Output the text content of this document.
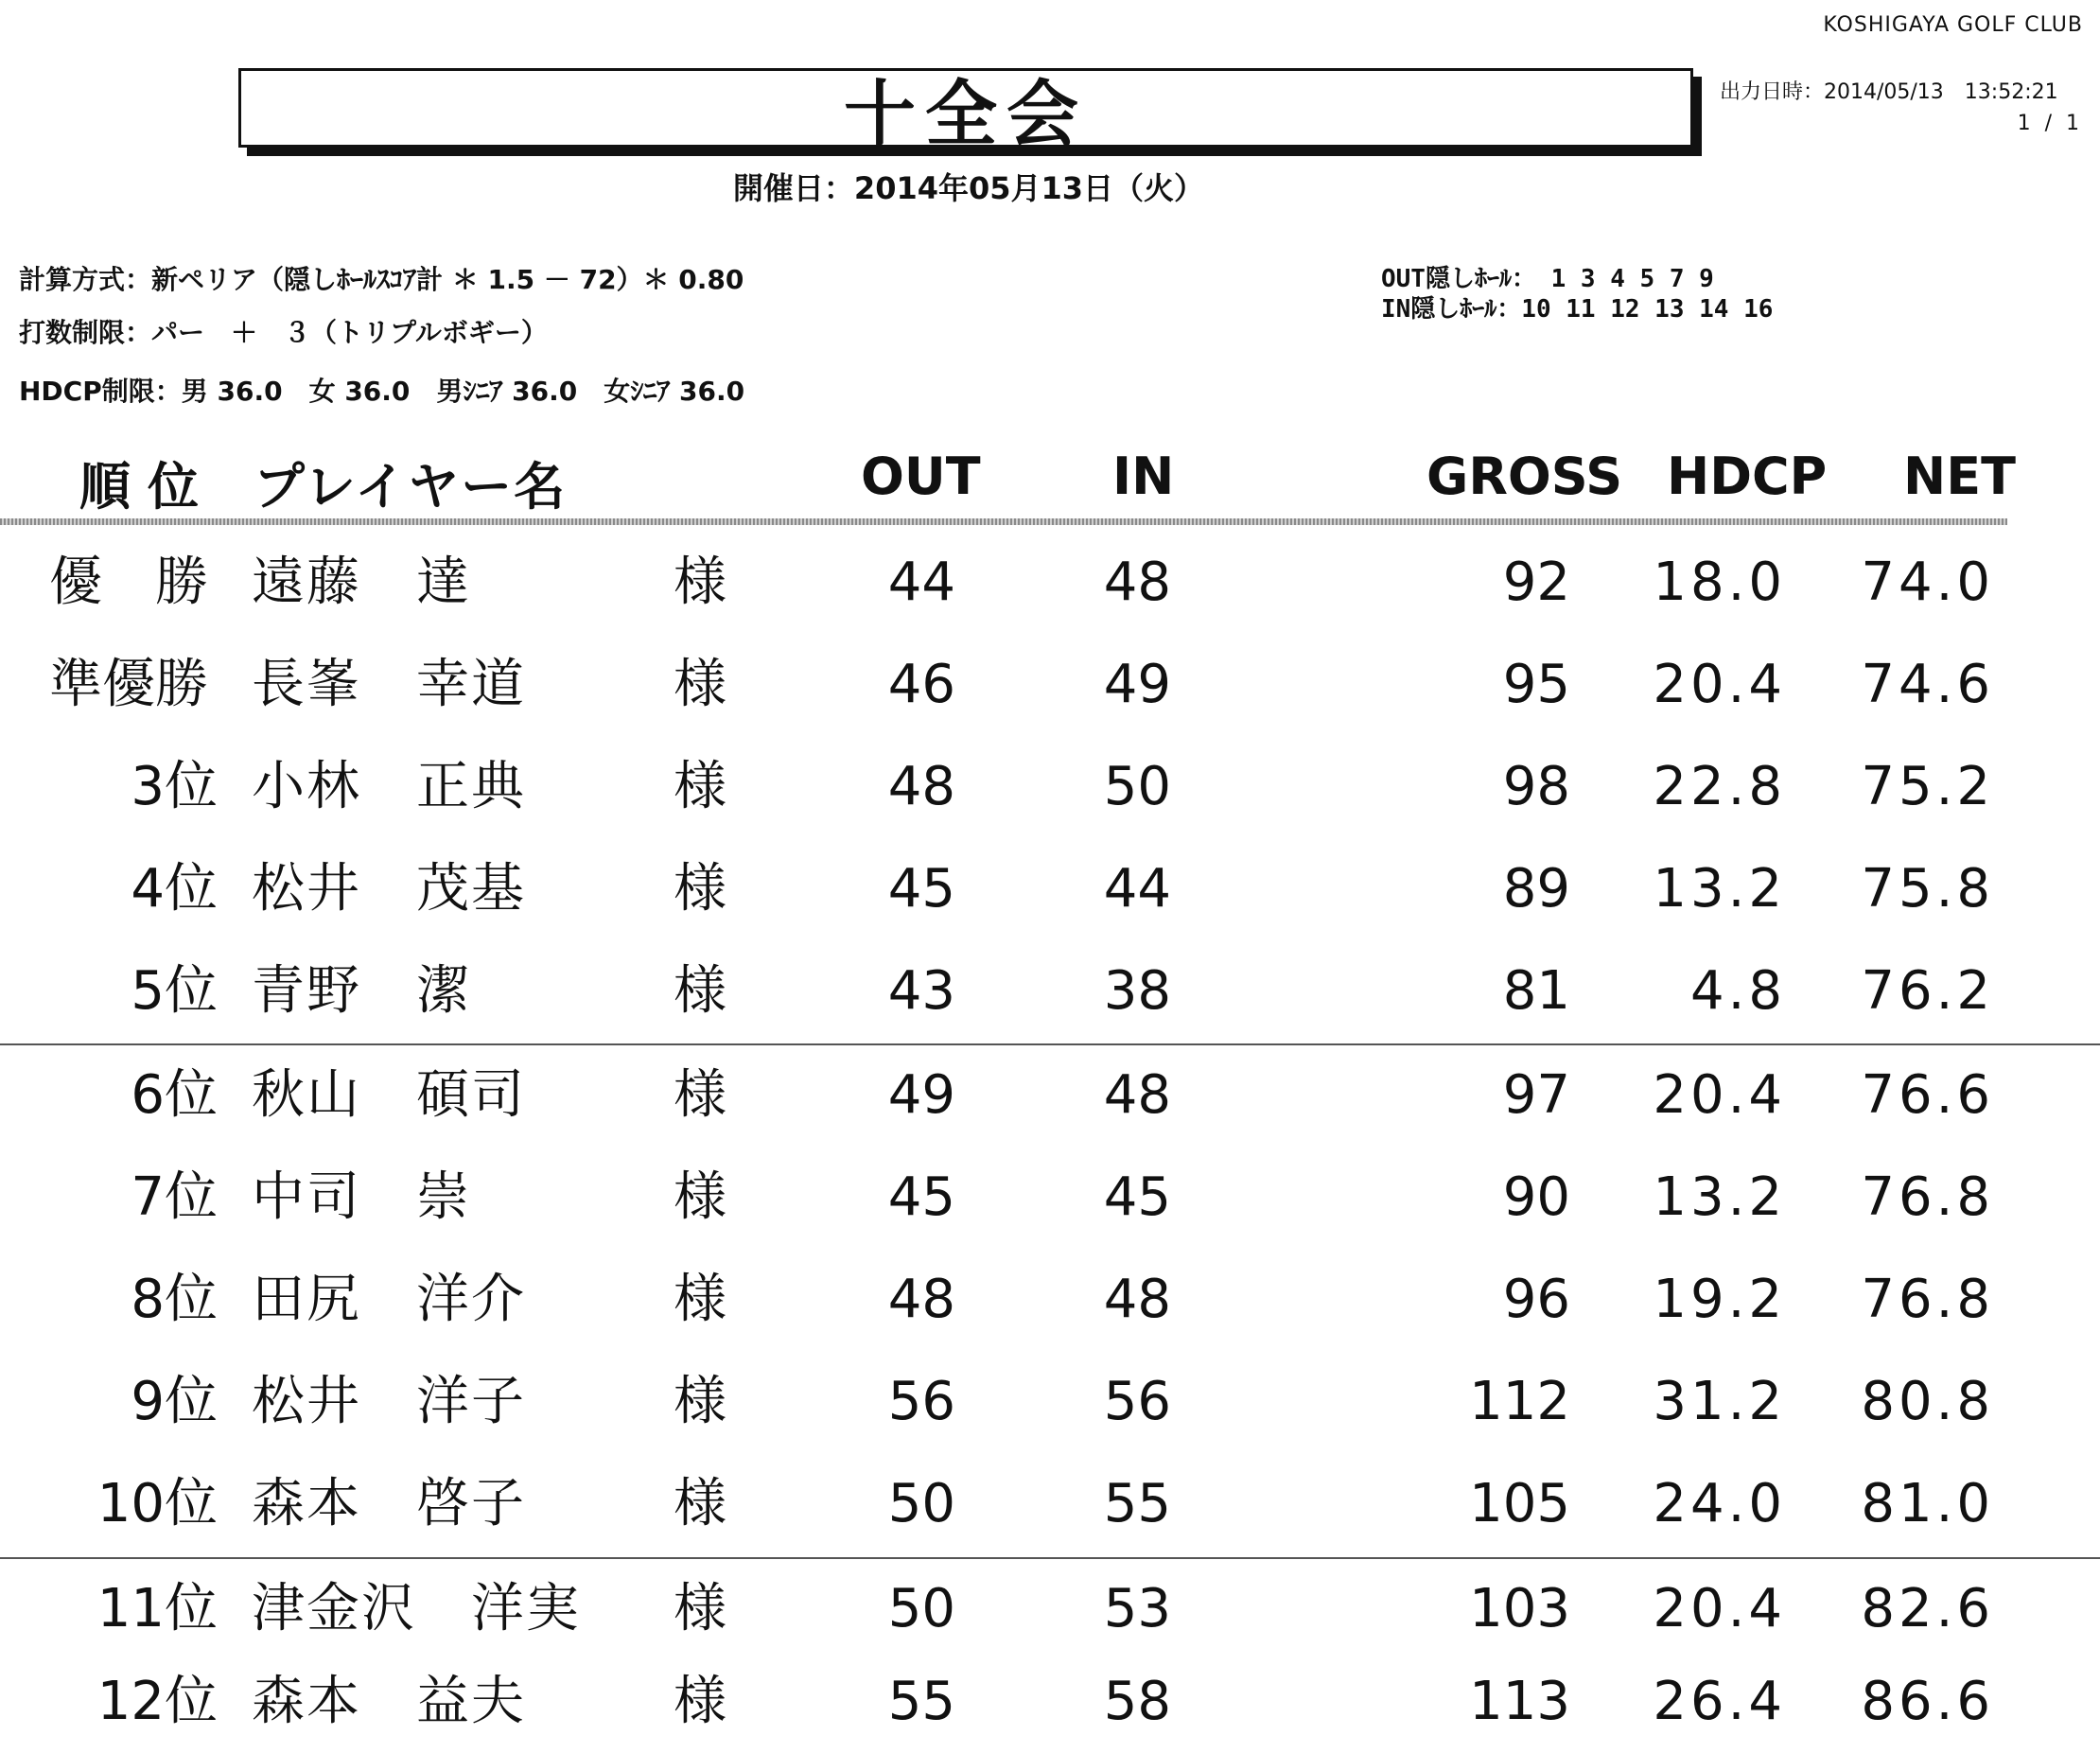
KOSHIGAYA GOLF CLUB
出力日時：2014/05/13　13:52:21
1 / 1
十全会
開催日：2014年05月13日（火）
計算方式：新ペリア（隠しﾎｰﾙｽｺｱ計 ＊ 1.5 － 72）＊ 0.80
打数制限：パー　＋　３（トリプルボギー）
HDCP制限：男 36.0　女 36.0　男ｼﾆｱ 36.0　女ｼﾆｱ 36.0
OUT隠しﾎｰﾙ： 1 3 4 5 7 9
IN隠しﾎｰﾙ：10 11 12 13 14 16
順位 プレイヤー名	OUT	IN	GROSS HDCP NET
優　勝 遠藤　達	様	44	48	92	18.0	74.0
準優勝 長峯　幸道	様	46	49	95	20.4	74.6
3位 小林　正典	様	48	50	98	22.8	75.2
4位 松井　茂基	様	45	44	89	13.2	75.8
5位 青野　潔	様	43	38	81	4.8	76.2
6位 秋山　碩司	様	49	48	97	20.4	76.6
7位 中司　崇	様	45	45	90	13.2	76.8
8位 田尻　洋介	様	48	48	96	19.2	76.8
9位 松井　洋子	様	56	56	112	31.2	80.8
10位 森本　啓子	様	50	55	105	24.0	81.0
11位 津金沢　洋実 様	50	53	103	20.4	82.6
12位 森本　益夫	様	55	58	113	26.4	86.6
